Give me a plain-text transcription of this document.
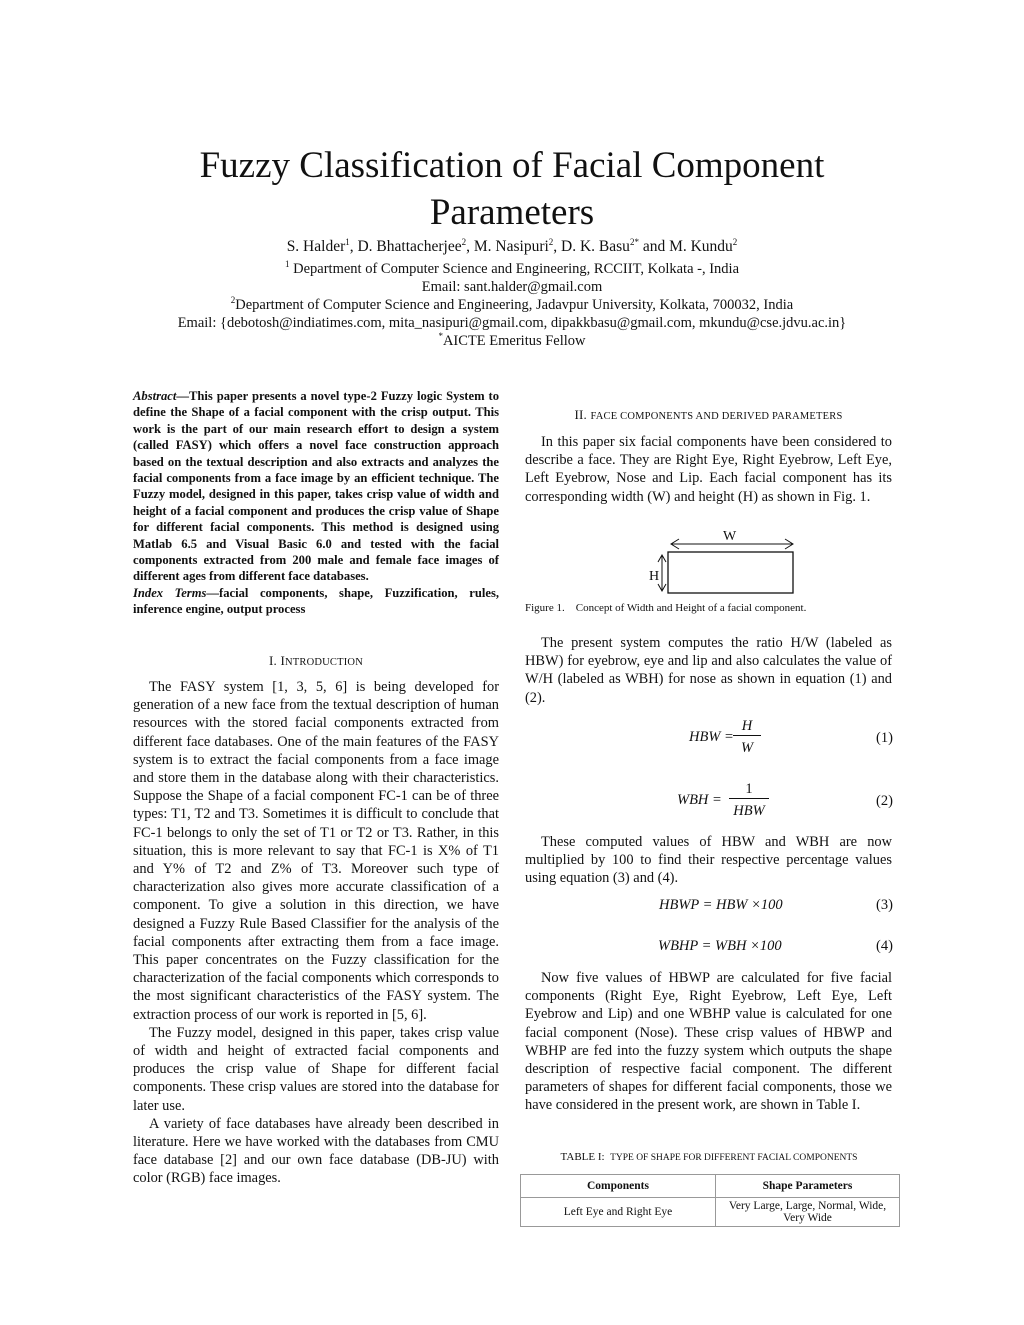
Fuzzy Classification of Facial Component
Parameters
S. Halder$^1$, D. Bhattacherjee$^2$, M. Nasipuri$^2$, D. K. Basu$^{2*}$ and M. Kundu$^2$
$^1$ Department of Computer Science and Engineering, RCCIIT, Kolkata -, India
Email: sant.halder@gmail.com
$^2$Department of Computer Science and Engineering, Jadavpur University, Kolkata, 700032, India
Email: {debotosh@indiatimes.com, mita_nasipuri@gmail.com, dipakkbasu@gmail.com, mkundu@cse.jdvu.ac.in}
*AICTE Emeritus Fellow
Abstract—This paper presents a novel type-2 Fuzzy logic System to define the Shape of a facial component with the crisp output. This work is the part of our main research effort to design a system (called FASY) which offers a novel face construction approach based on the textual description and also extracts and analyzes the facial components from a face image by an efficient technique. The Fuzzy model, designed in this paper, takes crisp value of width and height of a facial component and produces the crisp value of Shape for different facial components. This method is designed using Matlab 6.5 and Visual Basic 6.0 and tested with the facial components extracted from 200 male and female face images of different ages from different face databases.
Index Terms—facial components, shape, Fuzzification, rules, inference engine, output process
I. INTRODUCTION

The FASY system [1, 3, 5, 6] is being developed for generation of a new face from the textual description of human resources with the stored facial components extracted from different face databases. One of the main features of the FASY system is to extract the facial components from a face image and store them in the database along with their characteristics. Suppose the Shape of a facial component FC-1 can be of three types: T1, T2 and T3. Sometimes it is difficult to conclude that FC-1 belongs to only the set of T1 or T2 or T3. Rather, in this situation, this is more relevant to say that FC-1 is X% of T1 and Y% of T2 and Z% of T3. Moreover such type of characterization also gives more accurate classification of a component. To give a solution in this direction, we have designed a Fuzzy Rule Based Classifier for the analysis of the facial components after extracting them from a face image. This paper concentrates on the Fuzzy classification for the characterization of the facial components which corresponds to the most significant characteristics of the FASY system. The extraction process of our work is reported in [5, 6].

The Fuzzy model, designed in this paper, takes crisp value of width and height of extracted facial components and produces the crisp value of Shape for different facial components. These crisp values are stored into the database for later use.

A variety of face databases have already been described in literature. Here we have worked with the databases from CMU face database [2] and our own face database (DB-JU) with color (RGB) face images.

II. FACE COMPONENTS AND DERIVED PARAMETERS

In this paper six facial components have been considered to describe a face. They are Right Eye, Right Eyebrow, Left Eye, Left Eyebrow, Nose and Lip. Each facial component has its corresponding width (W) and height (H) as shown in Fig. 1.

W
H
Figure 1. Concept of Width and Height of a facial component.

The present system computes the ratio H/W (labeled as HBW) for eyebrow, eye and lip and also calculates the value of W/H (labeled as WBH) for nose as shown in equation (1) and (2).

HBW =
H
W
(1)
WBH =
1
HBW
(2)

These computed values of HBW and WBH are now multiplied by 100 to find their respective percentage values using equation (3) and (4).

HBWP = HBW ×100	(3)
WBHP = WBH ×100	(4)

Now five values of HBWP are calculated for five facial components (Right Eye, Right Eyebrow, Left Eye, Left Eyebrow and Lip) and one WBHP value is calculated for one facial component (Nose). These crisp values of HBWP and WBHP are fed into the fuzzy system which outputs the shape description of respective facial component. The different parameters of shapes for different facial components, those we have considered in the present work, are shown in Table I.

TABLE I: TYPE OF SHAPE FOR DIFFERENT FACIAL COMPONENTS
Components	Shape Parameters
Left Eye and Right Eye	Very Large, Large, Normal, Wide, Very Wide
